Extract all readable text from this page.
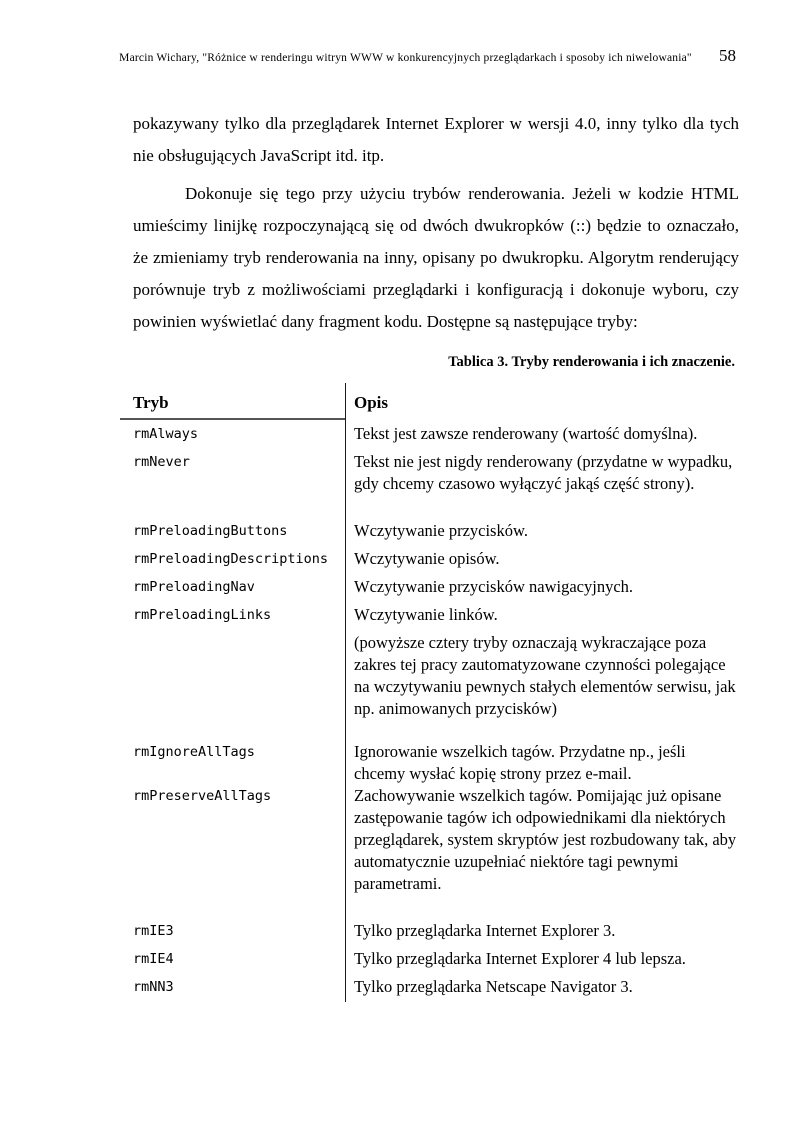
Marcin Wichary, "Różnice w renderingu witryn WWW w konkurencyjnych przeglądarkach i sposoby ich niwelowania"	58

pokazywany tylko dla przeglądarek Internet Explorer w wersji 4.0, inny tylko dla tych nie obsługujących JavaScript itd. itp.

Dokonuje się tego przy użyciu trybów renderowania. Jeżeli w kodzie HTML umieścimy linijkę rozpoczynającą się od dwóch dwukropków (::) będzie to oznaczało, że zmieniamy tryb renderowania na inny, opisany po dwukropku. Algorytm renderujący porównuje tryb z możliwościami przeglądarki i konfiguracją i dokonuje wyboru, czy powinien wyświetlać dany fragment kodu. Dostępne są następujące tryby:

Tablica 3. Tryby renderowania i ich znaczenie.
Tryb	Opis
rmAlways	Tekst jest zawsze renderowany (wartość domyślna).
rmNever	Tekst nie jest nigdy renderowany (przydatne w wypadku, gdy chcemy czasowo wyłączyć jakąś część strony).
rmPreloadingButtons	Wczytywanie przycisków.
rmPreloadingDescriptions	Wczytywanie opisów.
rmPreloadingNav	Wczytywanie przycisków nawigacyjnych.
rmPreloadingLinks	Wczytywanie linków.
(powyższe cztery tryby oznaczają wykraczające poza zakres tej pracy zautomatyzowane czynności polegające na wczytywaniu pewnych stałych elementów serwisu, jak np. animowanych przycisków)
rmIgnoreAllTags	Ignorowanie wszelkich tagów. Przydatne np., jeśli chcemy wysłać kopię strony przez e-mail.
rmPreserveAllTags	Zachowywanie wszelkich tagów. Pomijając już opisane zastępowanie tagów ich odpowiednikami dla niektórych przeglądarek, system skryptów jest rozbudowany tak, aby automatycznie uzupełniać niektóre tagi pewnymi parametrami.
rmIE3	Tylko przeglądarka Internet Explorer 3.
rmIE4	Tylko przeglądarka Internet Explorer 4 lub lepsza.
rmNN3	Tylko przeglądarka Netscape Navigator 3.
